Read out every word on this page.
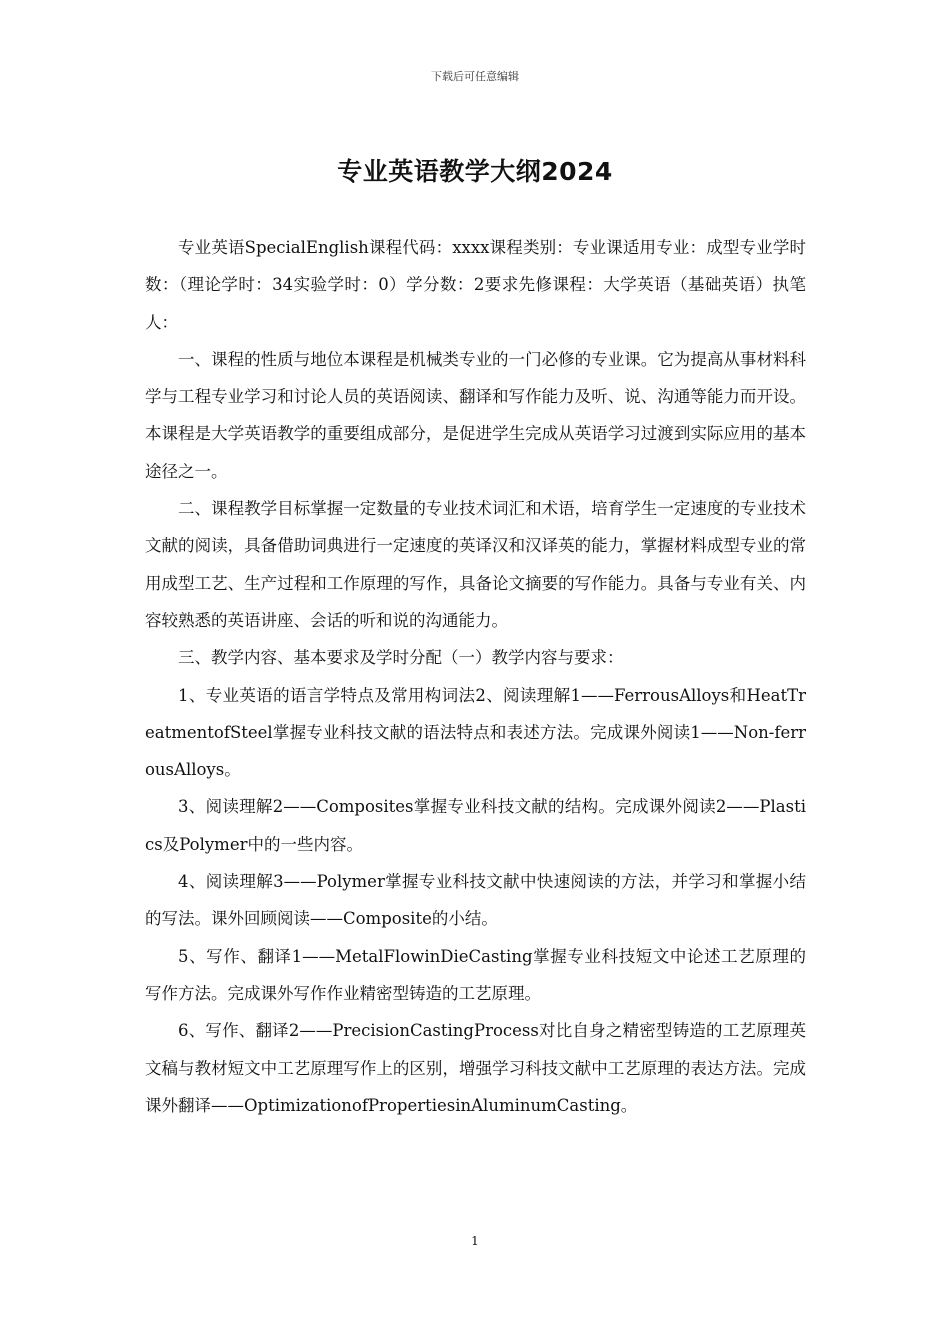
下载后可任意编辑
专业英语教学大纲2024

专业英语SpecialEnglish课程代码：xxxx课程类别：专业课适用专业：成型专业学时数：（理论学时：34实验学时：0）学分数：2要求先修课程：大学英语（基础英语）执笔人：

一、课程的性质与地位本课程是机械类专业的一门必修的专业课。它为提高从事材料科学与工程专业学习和讨论人员的英语阅读、翻译和写作能力及听、说、沟通等能力而开设。本课程是大学英语教学的重要组成部分，是促进学生完成从英语学习过渡到实际应用的基本途径之一。

二、课程教学目标掌握一定数量的专业技术词汇和术语，培育学生一定速度的专业技术文献的阅读，具备借助词典进行一定速度的英译汉和汉译英的能力，掌握材料成型专业的常用成型工艺、生产过程和工作原理的写作，具备论文摘要的写作能力。具备与专业有关、内容较熟悉的英语讲座、会话的听和说的沟通能力。

三、教学内容、基本要求及学时分配（一）教学内容与要求：

1、专业英语的语言学特点及常用构词法2、阅读理解1——FerrousAlloys和HeatTreatmentofSteel掌握专业科技文献的语法特点和表述方法。完成课外阅读1——Non-ferrousAlloys。

3、阅读理解2——Composites掌握专业科技文献的结构。完成课外阅读2——Plastics及Polymer中的一些内容。

4、阅读理解3——Polymer掌握专业科技文献中快速阅读的方法，并学习和掌握小结的写法。课外回顾阅读——Composite的小结。

5、写作、翻译1——MetalFlowinDieCasting掌握专业科技短文中论述工艺原理的写作方法。完成课外写作作业精密型铸造的工艺原理。

6、写作、翻译2——PrecisionCastingProcess对比自身之精密型铸造的工艺原理英文稿与教材短文中工艺原理写作上的区别，增强学习科技文献中工艺原理的表达方法。完成课外翻译——OptimizationofPropertiesinAluminumCasting。

1
